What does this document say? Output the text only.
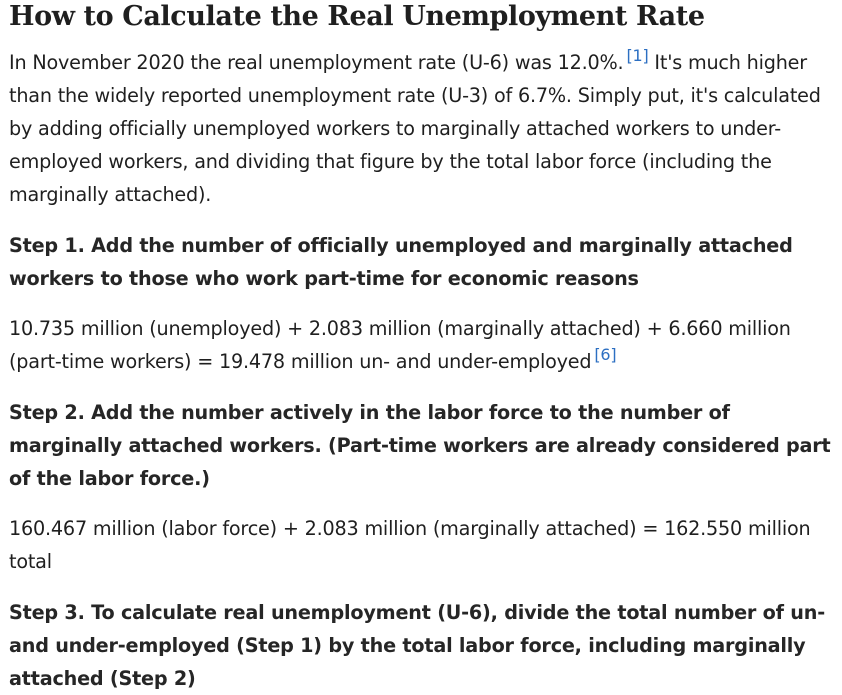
How to Calculate the Real Unemployment Rate

In November 2020 the real unemployment rate (U-6) was 12.0%. [1] It's much higher than the widely reported unemployment rate (U-3) of 6.7%. Simply put, it's calculated by adding officially unemployed workers to marginally attached workers to under-employed workers, and dividing that figure by the total labor force (including the marginally attached).

Step 1. Add the number of officially unemployed and marginally attached workers to those who work part-time for economic reasons

10.735 million (unemployed) + 2.083 million (marginally attached) + 6.660 million (part-time workers) = 19.478 million un- and under-employed [6]

Step 2. Add the number actively in the labor force to the number of marginally attached workers. (Part-time workers are already considered part of the labor force.)

160.467 million (labor force) + 2.083 million (marginally attached) = 162.550 million total

Step 3. To calculate real unemployment (U-6), divide the total number of un- and under-employed (Step 1) by the total labor force, including marginally attached (Step 2)
